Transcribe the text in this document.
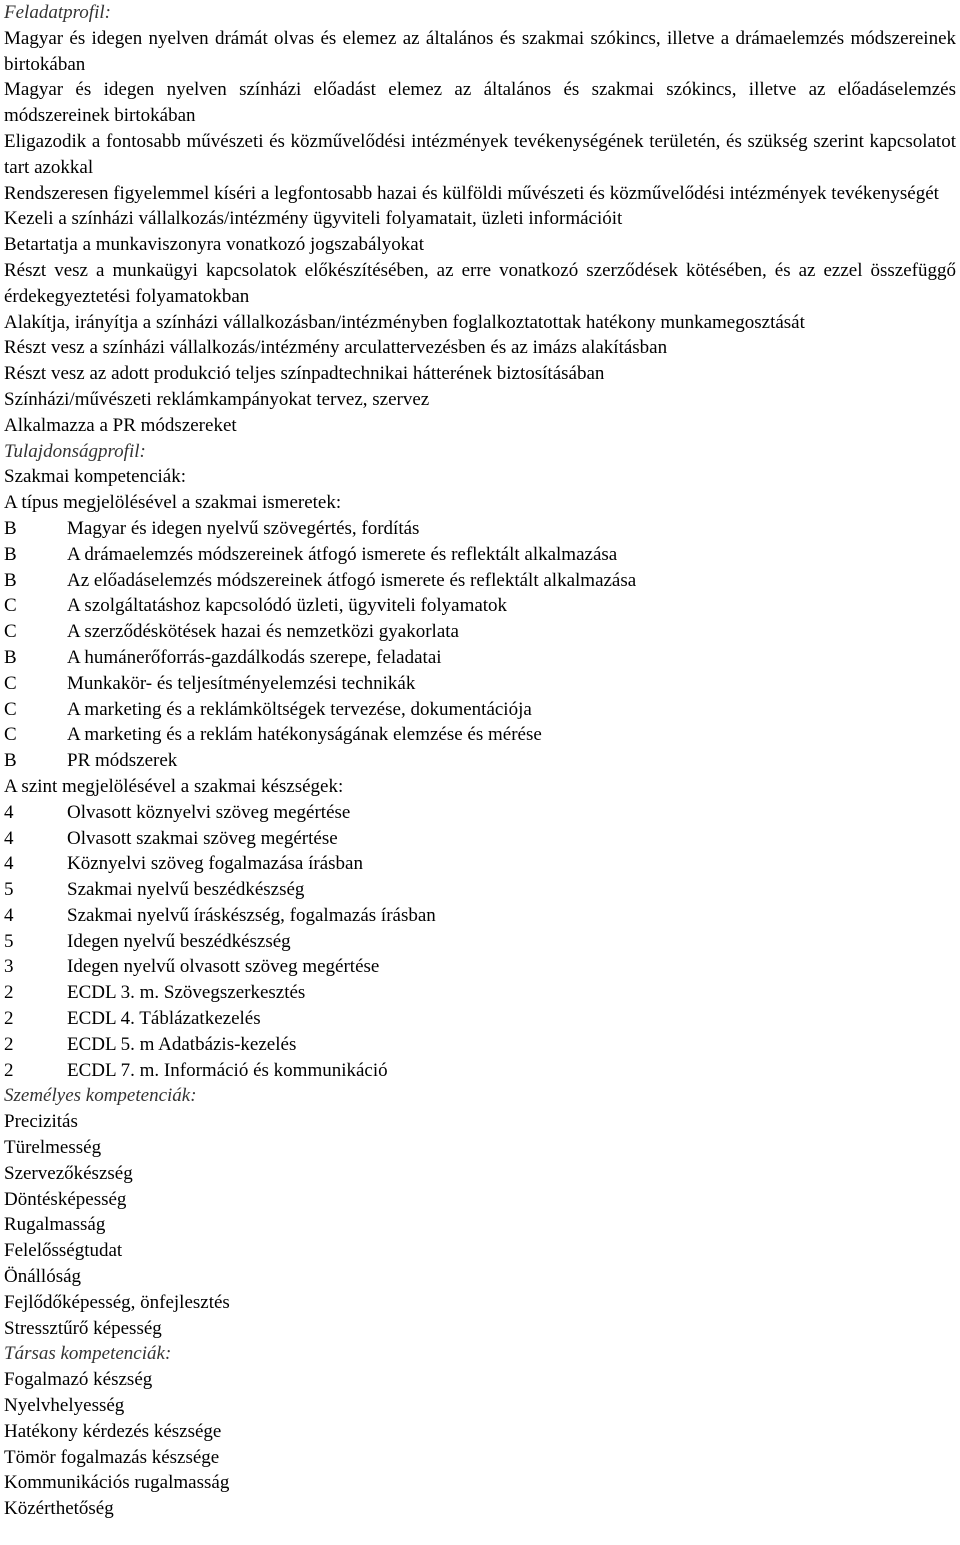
Feladatprofil:
Magyar és idegen nyelven drámát olvas és elemez az általános és szakmai szókincs, illetve a drámaelemzés módszereinek birtokában
Magyar és idegen nyelven színházi előadást elemez az általános és szakmai szókincs, illetve az előadáselemzés módszereinek birtokában
Eligazodik a fontosabb művészeti és közművelődési intézmények tevékenységének területén, és szükség szerint kapcsolatot tart azokkal
Rendszeresen figyelemmel kíséri a legfontosabb hazai és külföldi művészeti és közművelődési intézmények tevékenységét
Kezeli a színházi vállalkozás/intézmény ügyviteli folyamatait, üzleti információit
Betartatja a munkaviszonyra vonatkozó jogszabályokat
Részt vesz a munkaügyi kapcsolatok előkészítésében, az erre vonatkozó szerződések kötésében, és az ezzel összefüggő érdekegyeztetési folyamatokban
Alakítja, irányítja a színházi vállalkozásban/intézményben foglalkoztatottak hatékony munkamegosztását
Részt vesz a színházi vállalkozás/intézmény arculattervezésben és az imázs alakításban
Részt vesz az adott produkció teljes színpadtechnikai hátterének biztosításában
Színházi/művészeti reklámkampányokat tervez, szervez
Alkalmazza a PR módszereket
Tulajdonságprofil:
Szakmai kompetenciák:
A típus megjelölésével a szakmai ismeretek:
B	Magyar és idegen nyelvű szövegértés, fordítás
B	A drámaelemzés módszereinek átfogó ismerete és reflektált alkalmazása
B	Az előadáselemzés módszereinek átfogó ismerete és reflektált alkalmazása
C	A szolgáltatáshoz kapcsolódó üzleti, ügyviteli folyamatok
C	A szerződéskötések hazai és nemzetközi gyakorlata
B	A humánerőforrás-gazdálkodás szerepe, feladatai
C	Munkakör- és teljesítményelemzési technikák
C	A marketing és a reklámköltségek tervezése, dokumentációja
C	A marketing és a reklám hatékonyságának elemzése és mérése
B	PR módszerek
A szint megjelölésével a szakmai készségek:
4	Olvasott köznyelvi szöveg megértése
4	Olvasott szakmai szöveg megértése
4	Köznyelvi szöveg fogalmazása írásban
5	Szakmai nyelvű beszédkészség
4	Szakmai nyelvű íráskészség, fogalmazás írásban
5	Idegen nyelvű beszédkészség
3	Idegen nyelvű olvasott szöveg megértése
2	ECDL 3. m. Szövegszerkesztés
2	ECDL 4. Táblázatkezelés
2	ECDL 5. m Adatbázis-kezelés
2	ECDL 7. m. Információ és kommunikáció
Személyes kompetenciák:
Precizitás
Türelmesség
Szervezőkészség
Döntésképesség
Rugalmasság
Felelősségtudat
Önállóság
Fejlődőképesség, önfejlesztés
Stressztűrő képesség
Társas kompetenciák:
Fogalmazó készség
Nyelvhelyesség
Hatékony kérdezés készsége
Tömör fogalmazás készsége
Kommunikációs rugalmasság
Közérthetőség
